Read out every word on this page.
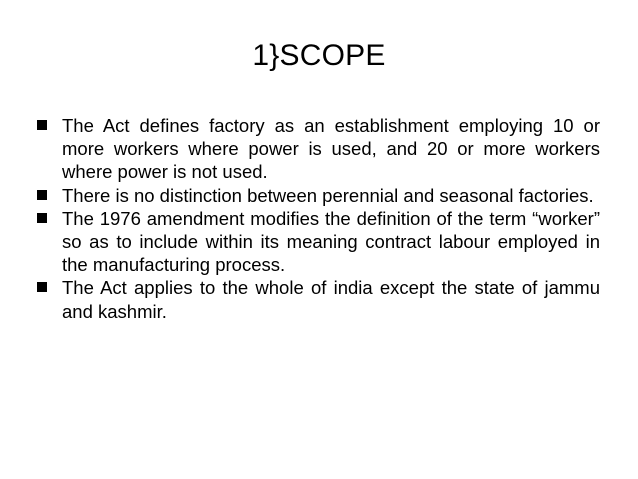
1}SCOPE
The Act defines factory as an establishment employing 10 or more workers where power is used, and 20 or more workers where power is not used.
There is no distinction between perennial and seasonal factories.
The 1976 amendment modifies the definition of the term “worker” so as to include within its meaning contract labour employed in the manufacturing process.
The Act applies to the whole of india except the state of jammu and kashmir.
